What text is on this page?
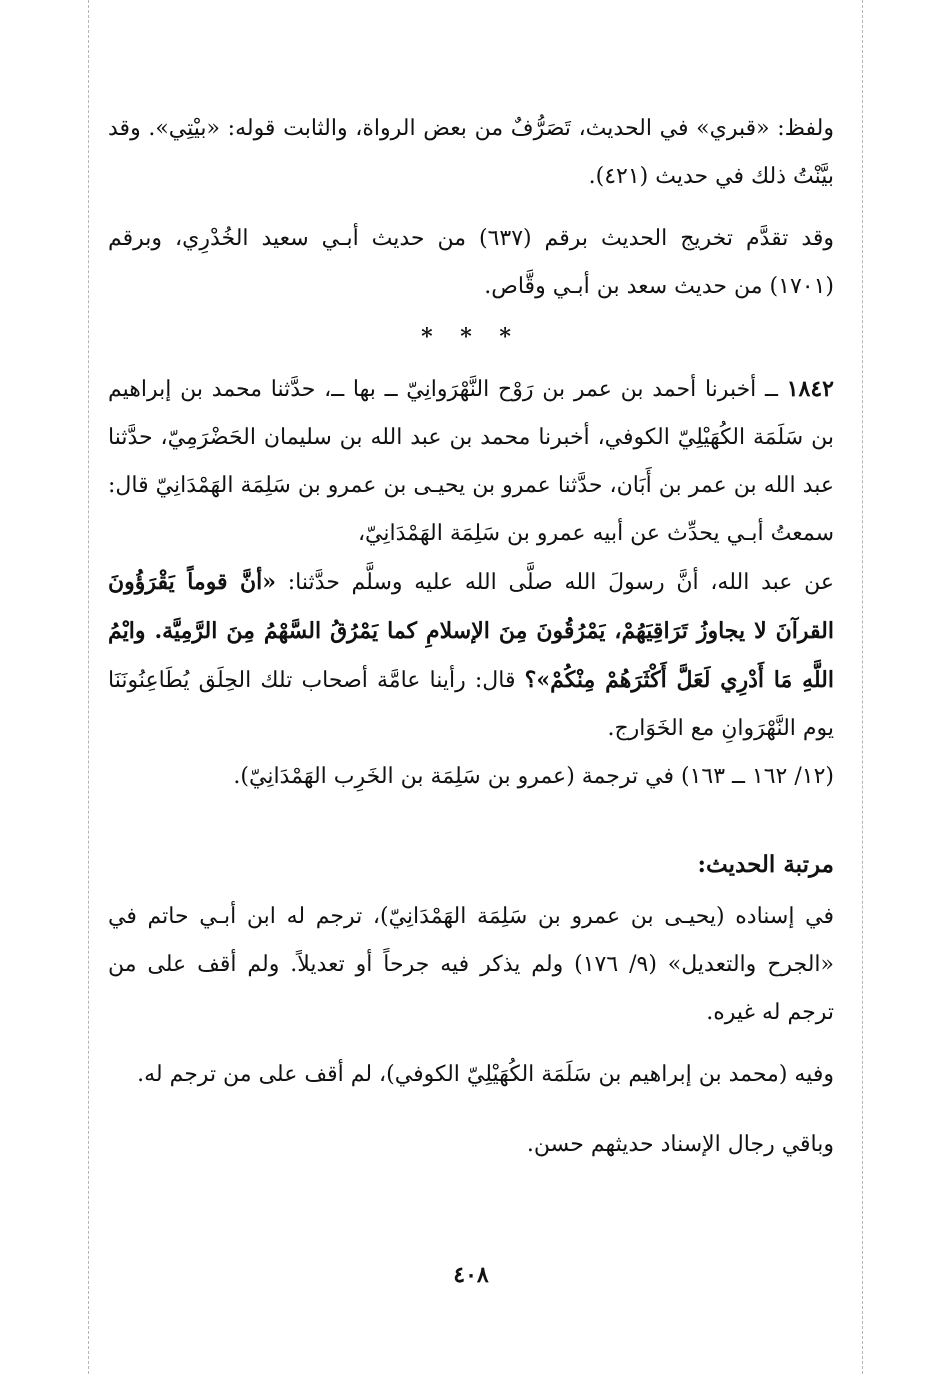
ولفظ: «قبري» في الحديث، تَصَرُّفٌ من بعض الرواة، والثابت قوله: «بيْتِي». وقد بيَّنْتُ ذلك في حديث (٤٢١).

وقد تقدَّم تخريج الحديث برقم (٦٣٧) من حديث أبـي سعيد الخُدْرِي، وبرقم (١٧٠١) من حديث سعد بن أبـي وقَّاص.

* * *

١٨٤٢ ــ أخبرنا أحمد بن عمر بن رَوْح النَّهْرَوانِيّ ــ بها ــ، حدَّثنا محمد بن إبراهيم بن سَلَمَة الكُهَيْلِيّ الكوفي، أخبرنا محمد بن عبد الله بن سليمان الحَضْرَمِيّ، حدَّثنا عبد الله بن عمر بن أَبَان، حدَّثنا عمرو بن يحيـى بن عمرو بن سَلِمَة الهَمْدَانِيّ قال: سمعتُ أبـي يحدِّث عن أبيه عمرو بن سَلِمَة الهَمْدَانِيّ،

عن عبد الله، أنَّ رسولَ الله صلَّى الله عليه وسلَّم حدَّثنا: «أنَّ قوماً يَقْرَؤُونَ القرآنَ لا يجاوزُ تَرَاقِيَهُمْ، يَمْرُقُونَ مِنَ الإسلامِ كما يَمْرُقُ السَّهْمُ مِنَ الرَّمِيَّة. وايْمُ اللَّهِ مَا أَدْرِي لَعَلَّ أَكْثَرَهُمْ مِنْكُمْ»؟ قال: رأينا عامَّة أصحاب تلك الحِلَق يُطَاعِنُونَنَا يوم النَّهْرَوانِ مع الخَوَارج.

(١٢/ ١٦٢ ــ ١٦٣) في ترجمة (عمرو بن سَلِمَة بن الخَرِب الهَمْدَانِيّ).

مرتبة الحديث:

في إسناده (يحيـى بن عمرو بن سَلِمَة الهَمْدَانِيّ)، ترجم له ابن أبـي حاتم في «الجرح والتعديل» (٩/ ١٧٦) ولم يذكر فيه جرحاً أو تعديلاً. ولم أقف على من ترجم له غيره.

وفيه (محمد بن إبراهيم بن سَلَمَة الكُهَيْلِيّ الكوفي)، لم أقف على من ترجم له.

وباقي رجال الإسناد حديثهم حسن.

٤٠٨
